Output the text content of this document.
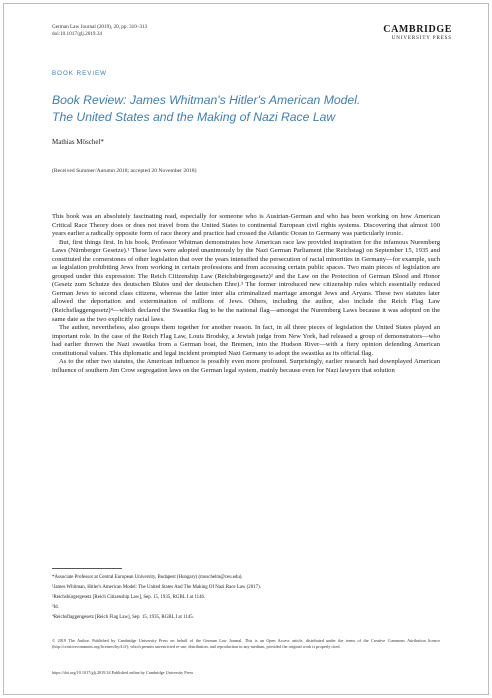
German Law Journal (2019), 20, pp. 310–313
doi:10.1017/glj.2019.34	CAMBRIDGE
UNIVERSITY PRESS
BOOK REVIEW
Book Review: James Whitman's Hitler's American Model.
The United States and the Making of Nazi Race Law
Mathias Möschel*
(Received Summer/Autumn 2018; accepted 20 November 2018)

This book was an absolutely fascinating read, especially for someone who is Austrian-German and who has been working on how American Critical Race Theory does or does not travel from the United States to continental European civil rights systems. Discovering that almost 100 years earlier a radically opposite form of race theory and practice had crossed the Atlantic Ocean to Germany was particularly ironic.

But, first things first. In his book, Professor Whitman demonstrates how American race law provided inspiration for the infamous Nuremberg Laws (Nürnberger Gesetze).¹ These laws were adopted unanimously by the Nazi German Parliament (the Reichstag) on September 15, 1935 and constituted the cornerstones of other legislation that over the years intensified the persecution of racial minorities in Germany—for example, such as legislation prohibiting Jews from working in certain professions and from accessing certain public spaces. Two main pieces of legislation are grouped under this expression: The Reich Citizenship Law (Reichsbürgergesetz)² and the Law on the Protection of German Blood and Honor (Gesetz zum Schutze des deutschen Blutes und der deutschen Ehre).³ The former introduced new citizenship rules which essentially reduced German Jews to second class citizens, whereas the latter inter alia criminalized marriage amongst Jews and Aryans. These two statutes later allowed the deportation and extermination of millions of Jews. Others, including the author, also include the Reich Flag Law (Reichsflaggengesetz)⁴—which declared the Swastika flag to be the national flag—amongst the Nuremberg Laws because it was adopted on the same date as the two explicitly racial laws.

The author, nevertheless, also groups them together for another reason. In fact, in all three pieces of legislation the United States played an important role. In the case of the Reich Flag Law, Louis Brodsky, a Jewish judge from New York, had released a group of demonstrators—who had earlier thrown the Nazi swastika from a German boat, the Bremen, into the Hudson River—with a fiery opinion defending American constitutional values. This diplomatic and legal incident prompted Nazi Germany to adopt the swastika as its official flag.

As to the other two statutes, the American influence is possibly even more profound. Surprisingly, earlier research had downplayed American influence of southern Jim Crow segregation laws on the German legal system, mainly because even for Nazi lawyers that solution

*Associate Professor at Central European University, Budapest (Hungary) (moschelm@ceu.edu).
¹James Whitman, Hitler's American Model: The United States And The Making Of Nazi Race Law (2017).
²Reichsbürgergesetz [Reich Citizenship Law], Sep. 15, 1935, RGBL I at 1146.
³Id.
⁴Reichsflaggengesetz [Reich Flag Law], Sep. 15, 1935, RGBL I at 1145.
© 2019 The Author. Published by Cambridge University Press on behalf of the German Law Journal. This is an Open Access article, distributed under the terms of the Creative Commons Attribution licence (http://creativecommons.org/licenses/by/4.0/), which permits unrestricted re-use, distribution, and reproduction in any medium, provided the original work is properly cited.
https://doi.org/10.1017/glj.2019.34 Published online by Cambridge University Press
